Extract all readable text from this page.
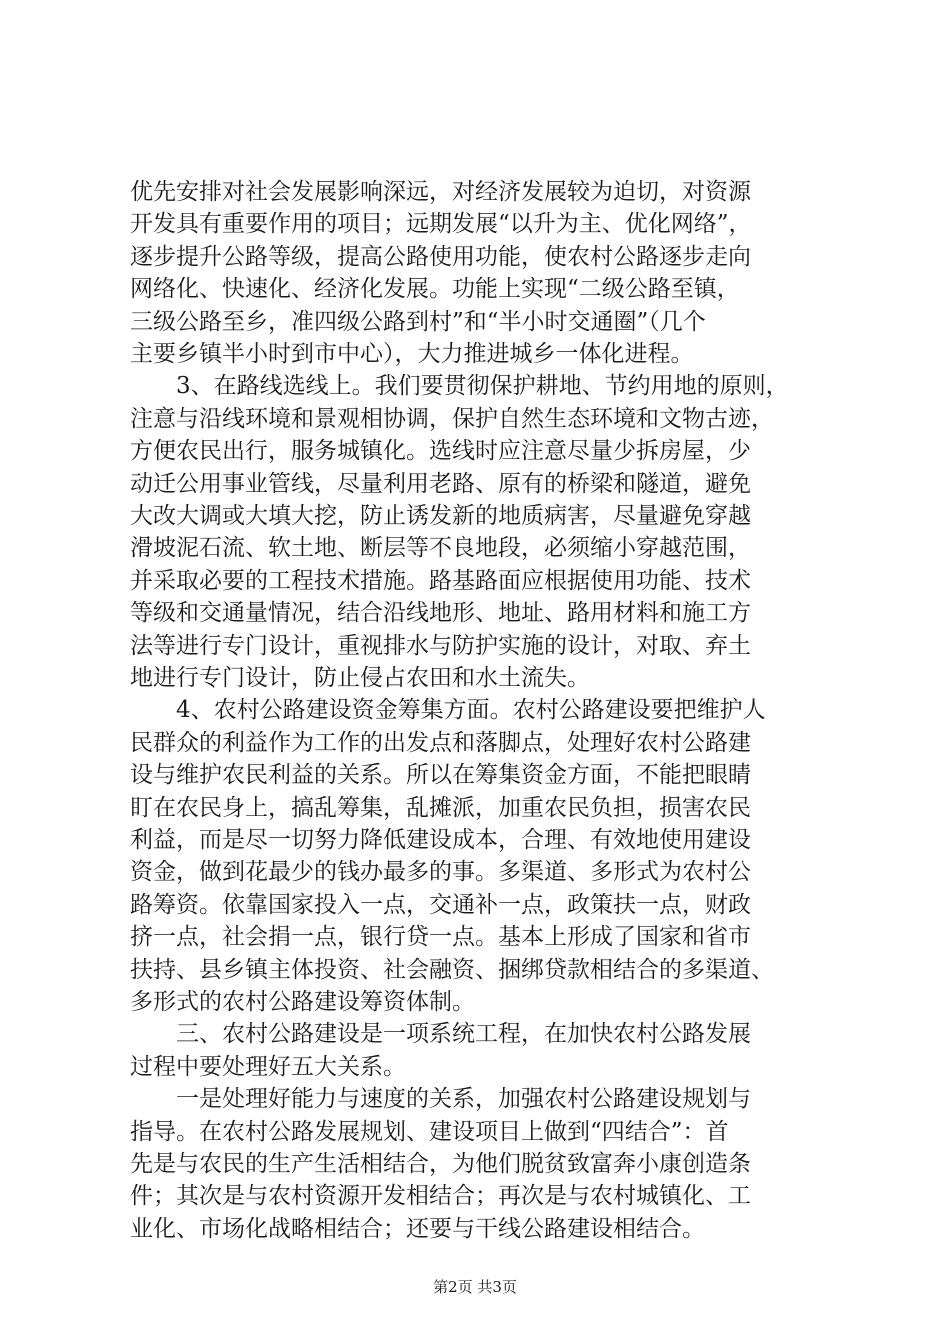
优先安排对社会发展影响深远，对经济发展较为迫切，对资源
开发具有重要作用的项目；远期发展“以升为主、优化网络”，
逐步提升公路等级，提高公路使用功能，使农村公路逐步走向
网络化、快速化、经济化发展。功能上实现“二级公路至镇，
三级公路至乡，准四级公路到村”和“半小时交通圈”（几个
主要乡镇半小时到市中心），大力推进城乡一体化进程。
　　3、在路线选线上。我们要贯彻保护耕地、节约用地的原则，
注意与沿线环境和景观相协调，保护自然生态环境和文物古迹，
方便农民出行，服务城镇化。选线时应注意尽量少拆房屋，少
动迁公用事业管线，尽量利用老路、原有的桥梁和隧道，避免
大改大调或大填大挖，防止诱发新的地质病害，尽量避免穿越
滑坡泥石流、软土地、断层等不良地段，必须缩小穿越范围，
并采取必要的工程技术措施。路基路面应根据使用功能、技术
等级和交通量情况，结合沿线地形、地址、路用材料和施工方
法等进行专门设计，重视排水与防护实施的设计，对取、弃土
地进行专门设计，防止侵占农田和水土流失。
　　4、农村公路建设资金筹集方面。农村公路建设要把维护人
民群众的利益作为工作的出发点和落脚点，处理好农村公路建
设与维护农民利益的关系。所以在筹集资金方面，不能把眼睛
盯在农民身上，搞乱筹集，乱摊派，加重农民负担，损害农民
利益，而是尽一切努力降低建设成本，合理、有效地使用建设
资金，做到花最少的钱办最多的事。多渠道、多形式为农村公
路筹资。依靠国家投入一点，交通补一点，政策扶一点，财政
挤一点，社会捐一点，银行贷一点。基本上形成了国家和省市
扶持、县乡镇主体投资、社会融资、捆绑贷款相结合的多渠道、
多形式的农村公路建设筹资体制。
　　三、农村公路建设是一项系统工程，在加快农村公路发展
过程中要处理好五大关系。
　　一是处理好能力与速度的关系，加强农村公路建设规划与
指导。在农村公路发展规划、建设项目上做到“四结合”：首
先是与农民的生产生活相结合，为他们脱贫致富奔小康创造条
件；其次是与农村资源开发相结合；再次是与农村城镇化、工
业化、市场化战略相结合；还要与干线公路建设相结合。
第2页 共3页
